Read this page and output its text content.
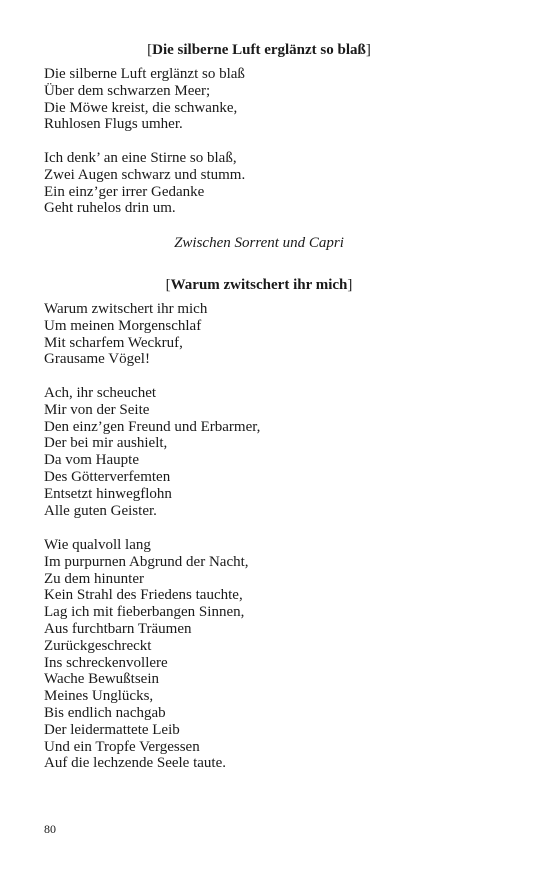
[Die silberne Luft erglänzt so blaß]
Die silberne Luft erglänzt so blaß
Über dem schwarzen Meer;
Die Möwe kreist, die schwanke,
Ruhlosen Flugs umher.
Ich denk’ an eine Stirne so blaß,
Zwei Augen schwarz und stumm.
Ein einz’ger irrer Gedanke
Geht ruhelos drin um.

Zwischen Sorrent und Capri

[Warum zwitschert ihr mich]
Warum zwitschert ihr mich
Um meinen Morgenschlaf
Mit scharfem Weckruf,
Grausame Vögel!
Ach, ihr scheuchet
Mir von der Seite
Den einz’gen Freund und Erbarmer,
Der bei mir aushielt,
Da vom Haupte
Des Götterverfemten
Entsetzt hinwegflohn
Alle guten Geister.
Wie qualvoll lang
Im purpurnen Abgrund der Nacht,
Zu dem hinunter
Kein Strahl des Friedens tauchte,
Lag ich mit fieberbangen Sinnen,
Aus furchtbarn Träumen
Zurückgeschreckt
Ins schreckenvollere
Wache Bewußtsein
Meines Unglücks,
Bis endlich nachgab
Der leidermattete Leib
Und ein Tropfe Vergessen
Auf die lechzende Seele taute.
80
